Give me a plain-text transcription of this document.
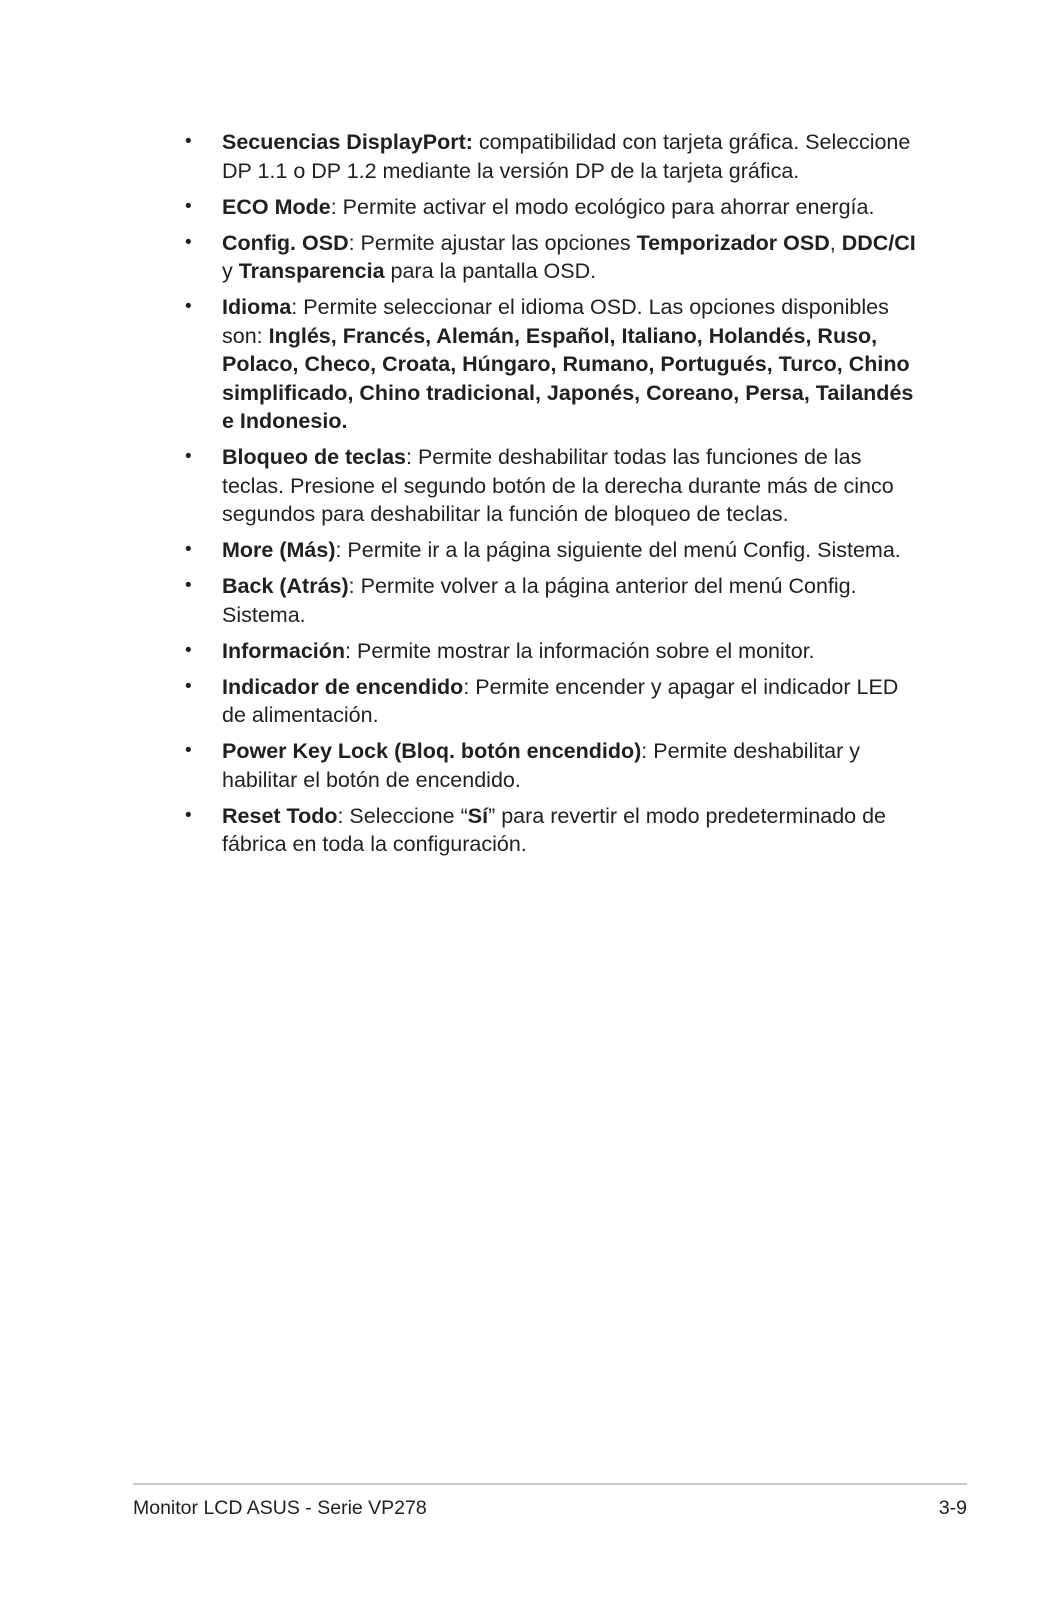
• Secuencias DisplayPort: compatibilidad con tarjeta gráfica. Seleccione DP 1.1 o DP 1.2 mediante la versión DP de la tarjeta gráfica.
• ECO Mode: Permite activar el modo ecológico para ahorrar energía.
• Config. OSD: Permite ajustar las opciones Temporizador OSD, DDC/CI y Transparencia para la pantalla OSD.
• Idioma: Permite seleccionar el idioma OSD. Las opciones disponibles son: Inglés, Francés, Alemán, Español, Italiano, Holandés, Ruso, Polaco, Checo, Croata, Húngaro, Rumano, Portugués, Turco, Chino simplificado, Chino tradicional, Japonés, Coreano, Persa, Tailandés e Indonesio.
• Bloqueo de teclas: Permite deshabilitar todas las funciones de las teclas. Presione el segundo botón de la derecha durante más de cinco segundos para deshabilitar la función de bloqueo de teclas.
• More (Más): Permite ir a la página siguiente del menú Config. Sistema.
• Back (Atrás): Permite volver a la página anterior del menú Config. Sistema.
• Información: Permite mostrar la información sobre el monitor.
• Indicador de encendido: Permite encender y apagar el indicador LED de alimentación.
• Power Key Lock (Bloq. botón encendido): Permite deshabilitar y habilitar el botón de encendido.
• Reset Todo: Seleccione “Sí” para revertir el modo predeterminado de fábrica en toda la configuración.
Monitor LCD ASUS - Serie VP278	3-9
